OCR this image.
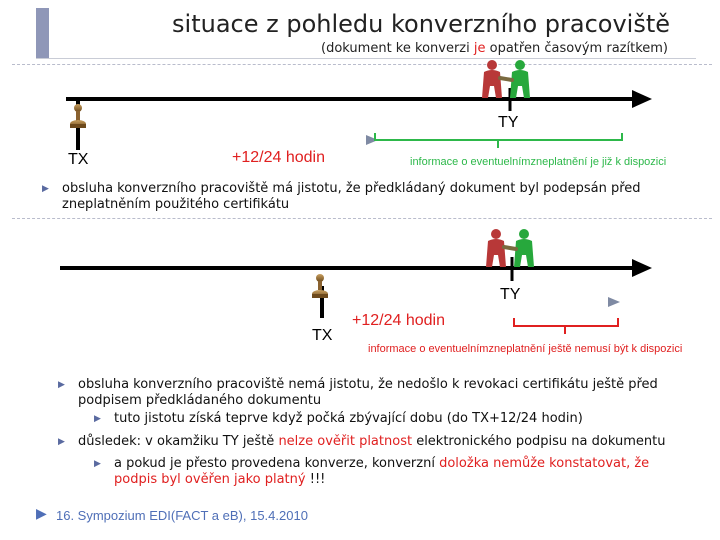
situace z pohledu konverzního pracoviště
(dokument ke konverzi je opatřen časovým razítkem)
TX
TY
+12/24 hodin	informace o eventuelnímzneplatnění je již k dispozici
▶ obsluha konverzního pracoviště má jistotu, že předkládaný dokument byl podepsán před zneplatněním použitého certifikátu
TX
TY
+12/24 hodin
informace o eventuelnímzneplatnění ještě nemusí být k dispozici
▶ obsluha konverzního pracoviště nemá jistotu, že nedošlo k revokaci certifikátu ještě před podpisem předkládaného dokumentu
▶ tuto jistotu získá teprve když počká zbývající dobu (do TX+12/24 hodin)
▶ důsledek: v okamžiku TY ještě nelze ověřit platnost elektronického podpisu na dokumentu
▶ a pokud je přesto provedena konverze, konverzní doložka nemůže konstatovat, že podpis byl ověřen jako platný !!!
▶ 16. Sympozium EDI(FACT a eB), 15.4.2010
